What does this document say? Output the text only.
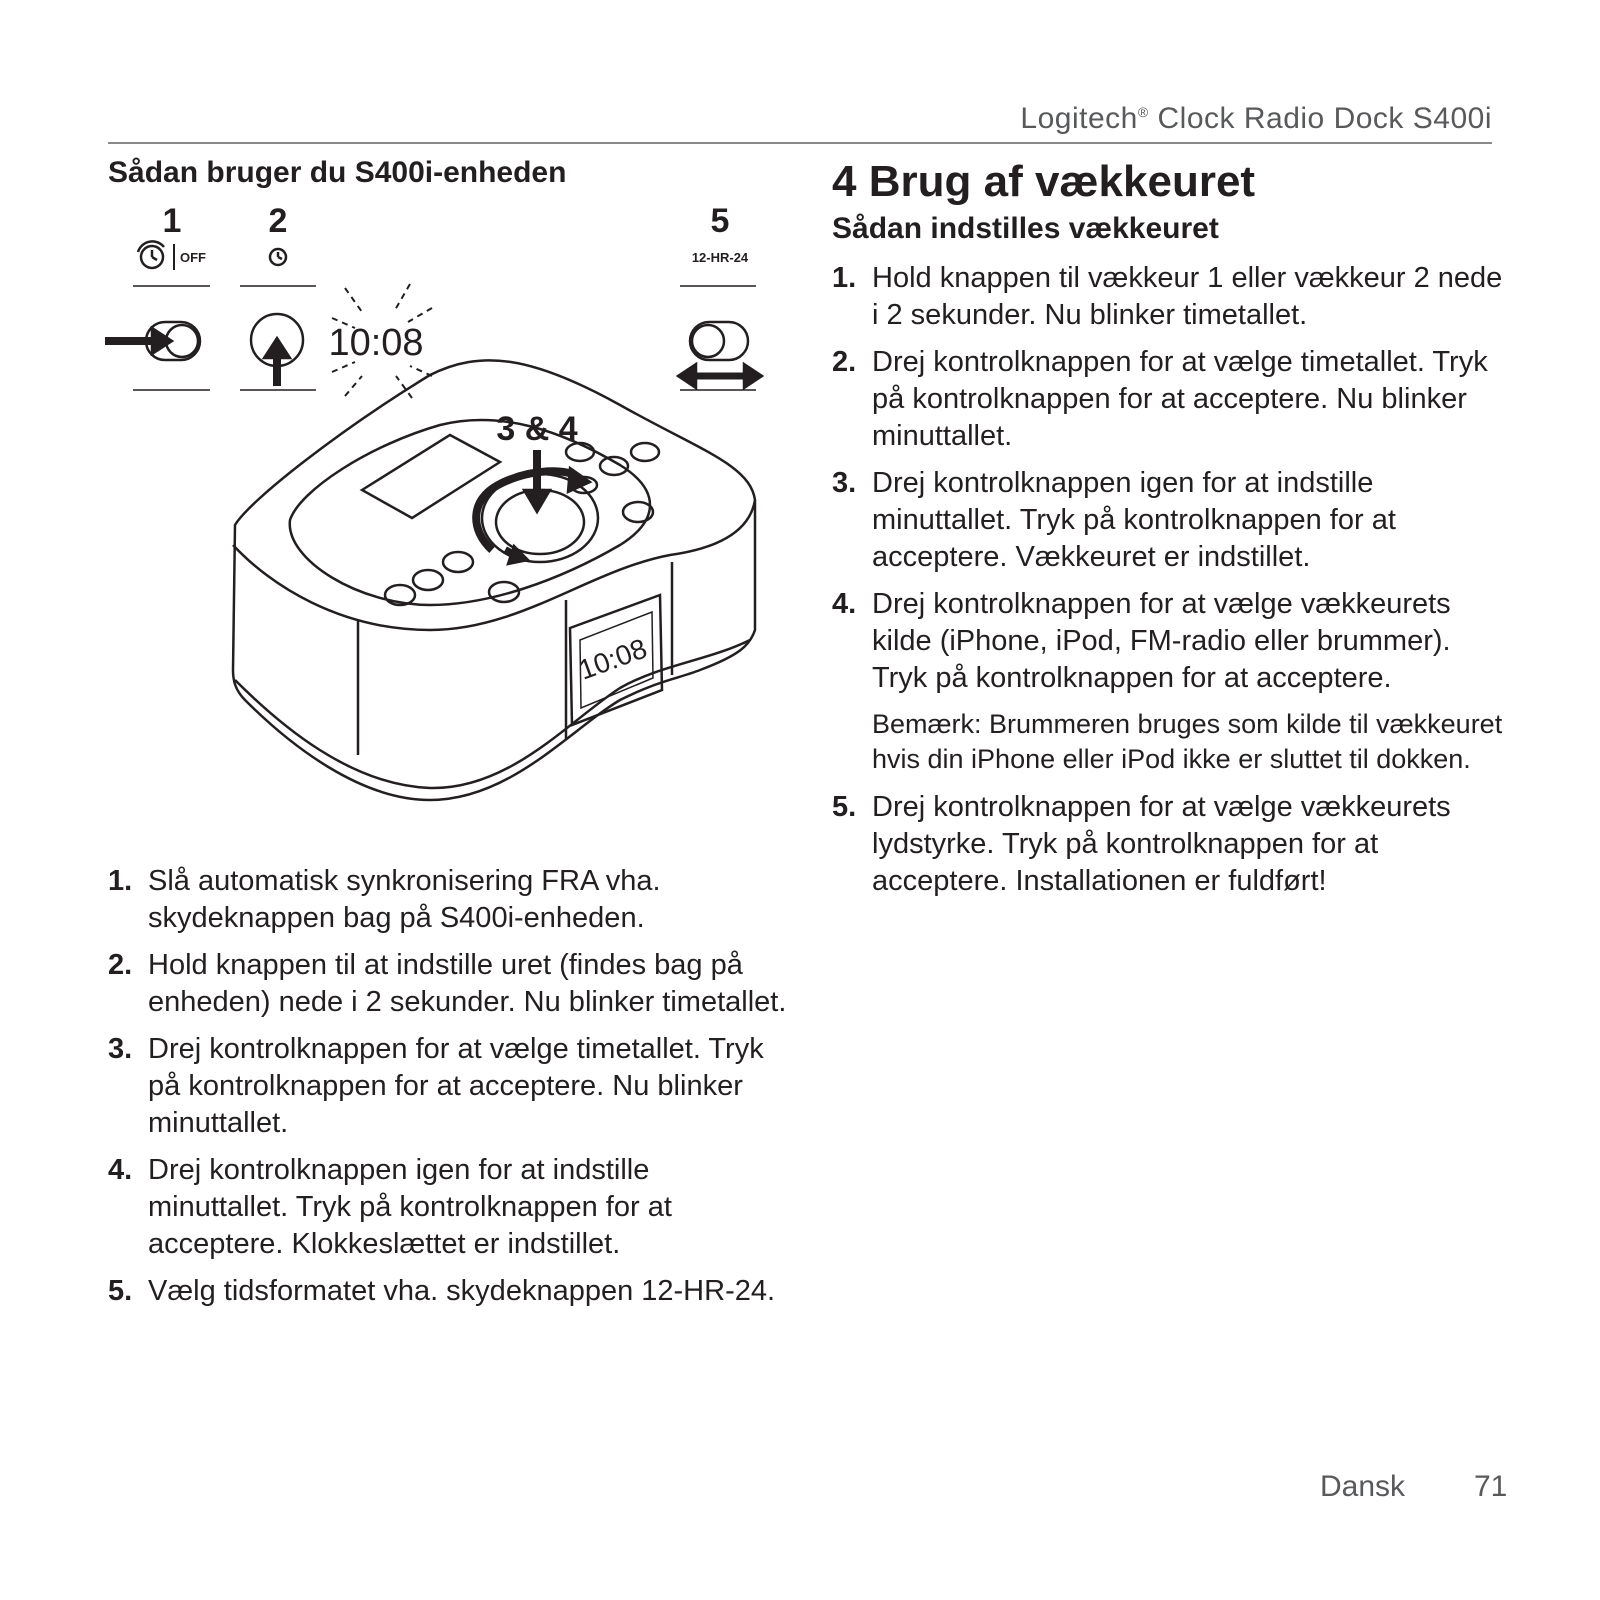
Logitech® Clock Radio Dock S400i
Sådan bruger du S400i-enheden
1	2	5
OFF	12-HR-24
10:08
10:08
3 & 4
1. Slå automatisk synkronisering FRA vha. skydeknappen bag på S400i-enheden.
2. Hold knappen til at indstille uret (findes bag på enheden) nede i 2 sekunder. Nu blinker timetallet.
3. Drej kontrolknappen for at vælge timetallet. Tryk på kontrolknappen for at acceptere. Nu blinker minuttallet.
4. Drej kontrolknappen igen for at indstille minuttallet. Tryk på kontrolknappen for at acceptere. Klokkeslættet er indstillet.
5. Vælg tidsformatet vha. skydeknappen 12-HR-24.
4 Brug af vækkeuret
Sådan indstilles vækkeuret
1. Hold knappen til vækkeur 1 eller vækkeur 2 nede i 2 sekunder. Nu blinker timetallet.
2. Drej kontrolknappen for at vælge timetallet. Tryk på kontrolknappen for at acceptere. Nu blinker minuttallet.
3. Drej kontrolknappen igen for at indstille minuttallet. Tryk på kontrolknappen for at acceptere. Vækkeuret er indstillet.
4. Drej kontrolknappen for at vælge vækkeurets kilde (iPhone, iPod, FM-radio eller brummer). Tryk på kontrolknappen for at acceptere.
Bemærk: Brummeren bruges som kilde til vækkeuret hvis din iPhone eller iPod ikke er sluttet til dokken.
5. Drej kontrolknappen for at vælge vækkeurets lydstyrke. Tryk på kontrolknappen for at acceptere. Installationen er fuldført!
Dansk 71
